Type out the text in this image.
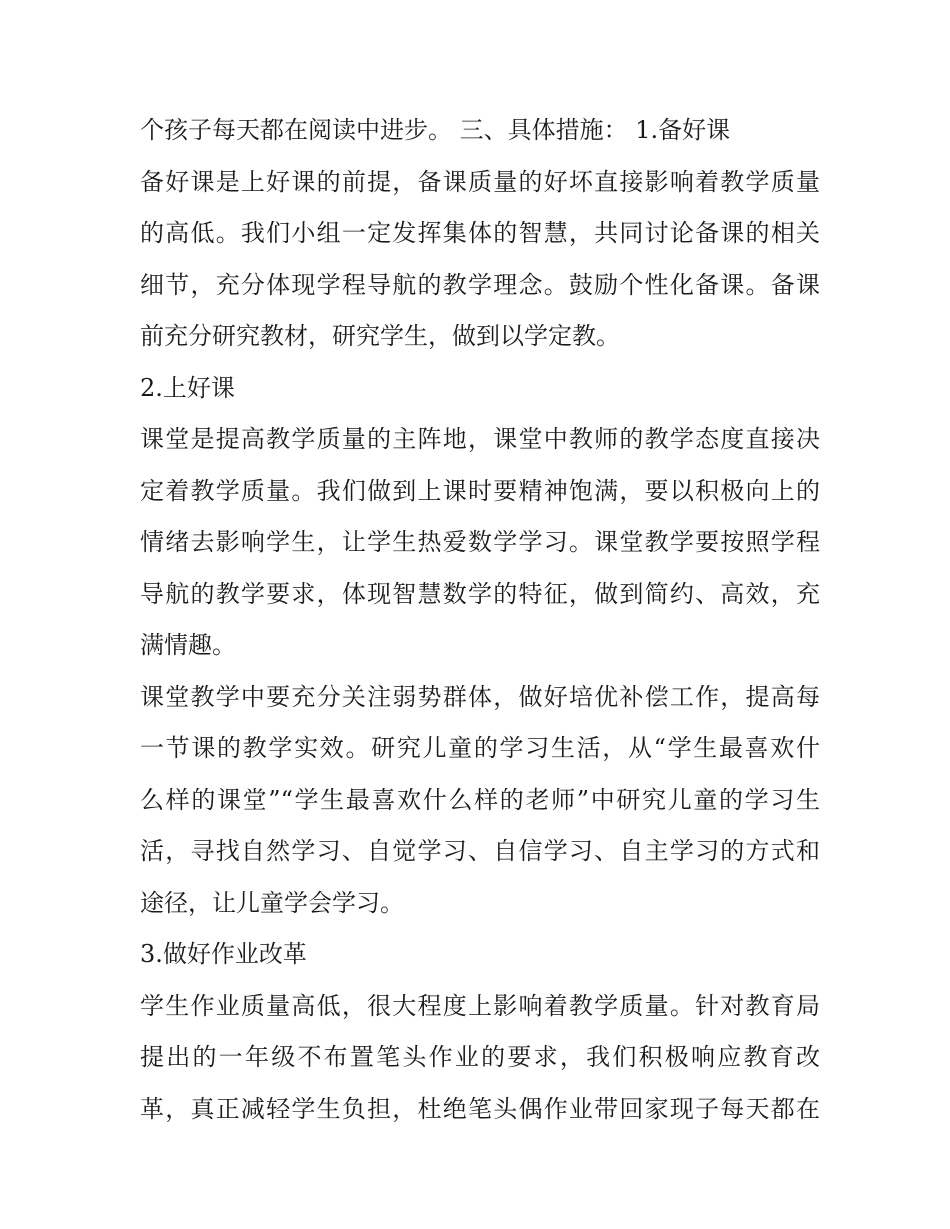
个孩子每天都在阅读中进步。 三、具体措施： 1.备好课
备好课是上好课的前提，备课质量的好坏直接影响着教学质量
的高低。我们小组一定发挥集体的智慧，共同讨论备课的相关
细节，充分体现学程导航的教学理念。鼓励个性化备课。备课
前充分研究教材，研究学生，做到以学定教。
2.上好课
课堂是提高教学质量的主阵地，课堂中教师的教学态度直接决
定着教学质量。我们做到上课时要精神饱满，要以积极向上的
情绪去影响学生，让学生热爱数学学习。课堂教学要按照学程
导航的教学要求，体现智慧数学的特征，做到简约、高效，充
满情趣。
课堂教学中要充分关注弱势群体，做好培优补偿工作，提高每
一节课的教学实效。研究儿童的学习生活，从“学生最喜欢什
么样的课堂”“学生最喜欢什么样的老师”中研究儿童的学习生
活，寻找自然学习、自觉学习、自信学习、自主学习的方式和
途径，让儿童学会学习。
3.做好作业改革
学生作业质量高低，很大程度上影响着教学质量。针对教育局
提出的一年级不布置笔头作业的要求，我们积极响应教育改
革，真正减轻学生负担，杜绝笔头偶作业带回家现子每天都在
